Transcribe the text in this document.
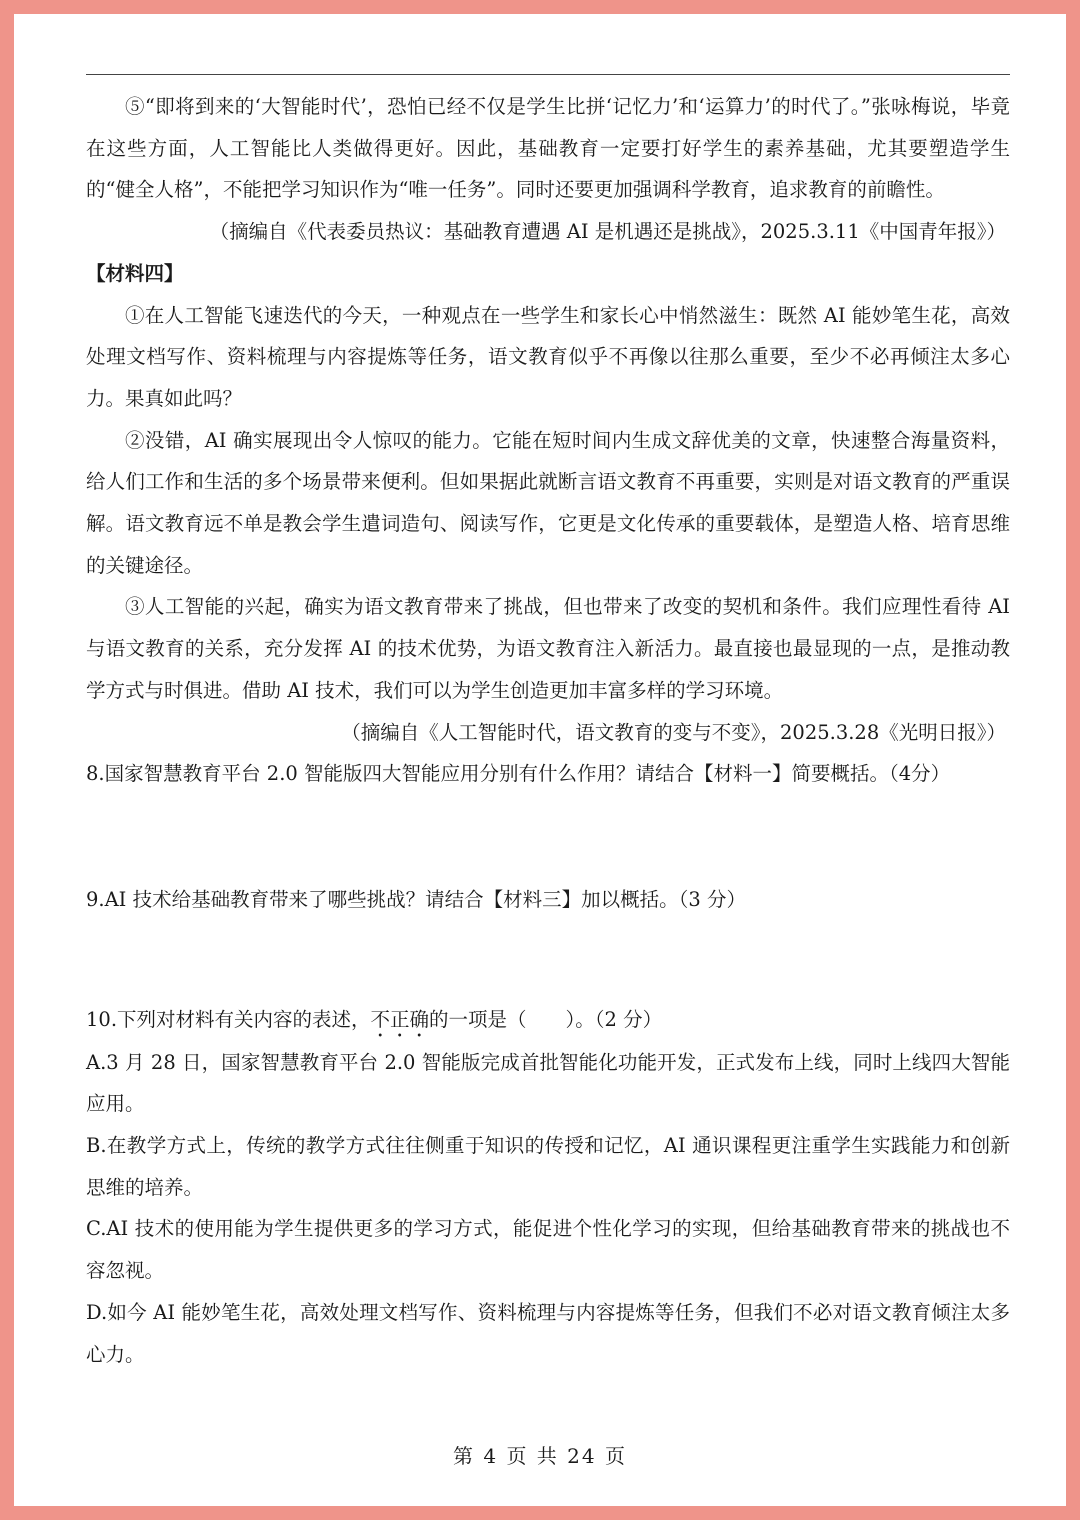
⑤“即将到来的‘大智能时代’，恐怕已经不仅是学生比拼‘记忆力’和‘运算力’的时代了。”张咏梅说，毕竟在这些方面，人工智能比人类做得更好。因此，基础教育一定要打好学生的素养基础，尤其要塑造学生的“健全人格”，不能把学习知识作为“唯一任务”。同时还要更加强调科学教育，追求教育的前瞻性。

（摘编自《代表委员热议：基础教育遭遇 AI 是机遇还是挑战》，2025.3.11《中国青年报》）

【材料四】

①在人工智能飞速迭代的今天，一种观点在一些学生和家长心中悄然滋生：既然 AI 能妙笔生花，高效处理文档写作、资料梳理与内容提炼等任务，语文教育似乎不再像以往那么重要，至少不必再倾注太多心力。果真如此吗？

②没错，AI 确实展现出令人惊叹的能力。它能在短时间内生成文辞优美的文章，快速整合海量资料，给人们工作和生活的多个场景带来便利。但如果据此就断言语文教育不再重要，实则是对语文教育的严重误解。语文教育远不单是教会学生遣词造句、阅读写作，它更是文化传承的重要载体，是塑造人格、培育思维的关键途径。

③人工智能的兴起，确实为语文教育带来了挑战，但也带来了改变的契机和条件。我们应理性看待 AI 与语文教育的关系，充分发挥 AI 的技术优势，为语文教育注入新活力。最直接也最显现的一点，是推动教学方式与时俱进。借助 AI 技术，我们可以为学生创造更加丰富多样的学习环境。

（摘编自《人工智能时代，语文教育的变与不变》，2025.3.28《光明日报》）

8.国家智慧教育平台 2.0 智能版四大智能应用分别有什么作用？请结合【材料一】简要概括。（4分）

9.AI 技术给基础教育带来了哪些挑战？请结合【材料三】加以概括。（3 分）

10.下列对材料有关内容的表述，不正确的一项是（　　）。（2 分）

A.3 月 28 日，国家智慧教育平台 2.0 智能版完成首批智能化功能开发，正式发布上线，同时上线四大智能应用。

B.在教学方式上，传统的教学方式往往侧重于知识的传授和记忆，AI 通识课程更注重学生实践能力和创新思维的培养。

C.AI 技术的使用能为学生提供更多的学习方式，能促进个性化学习的实现，但给基础教育带来的挑战也不容忽视。

D.如今 AI 能妙笔生花，高效处理文档写作、资料梳理与内容提炼等任务，但我们不必对语文教育倾注太多心力。

第 4 页 共 24 页
